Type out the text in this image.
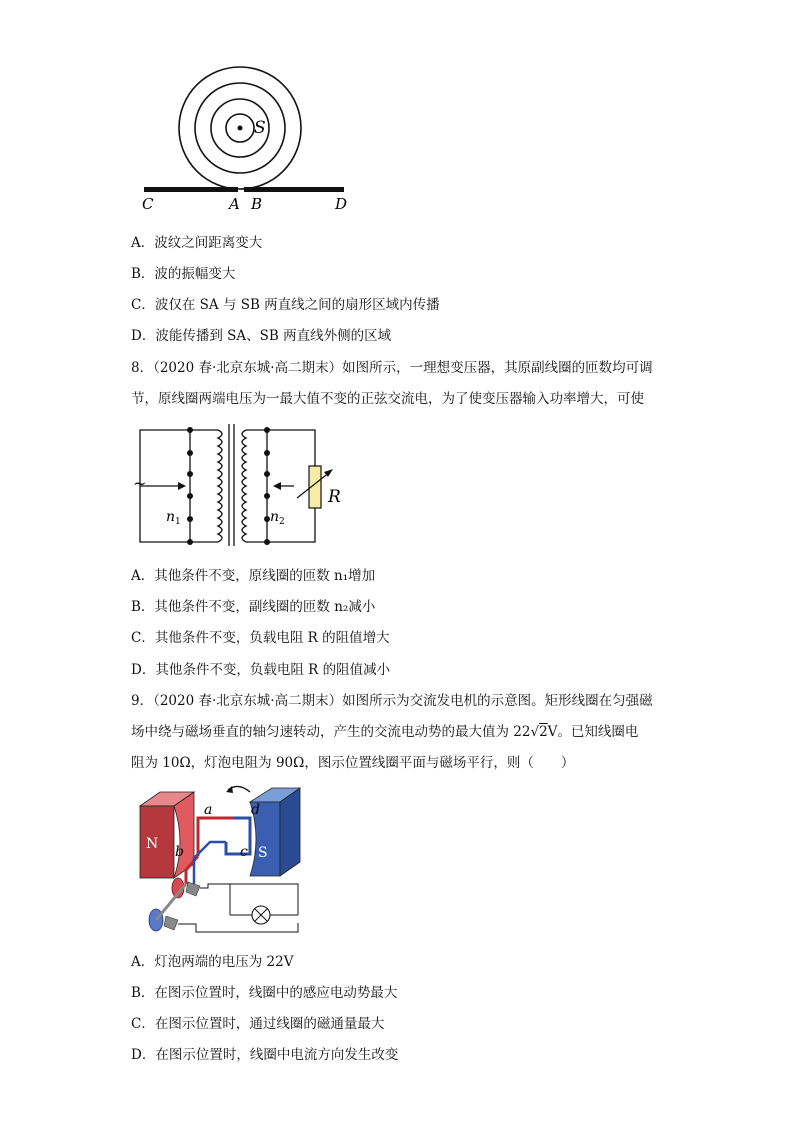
S
C	A B	D
A．波纹之间距离变大
B．波的振幅变大
C．波仅在 SA 与 SB 两直线之间的扇形区域内传播
D．波能传播到 SA、SB 两直线外侧的区域
8．（2020 春·北京东城·高二期末）如图所示，一理想变压器，其原副线圈的匝数均可调
节，原线圈两端电压为一最大值不变的正弦交流电，为了使变压器输入功率增大，可使
~
$n_1$	$n_2$
R
A．其他条件不变，原线圈的匝数 n₁增加
B．其他条件不变，副线圈的匝数 n₂减小
C．其他条件不变，负载电阻 R 的阻值增大
D．其他条件不变，负载电阻 R 的阻值减小
9．（2020 春·北京东城·高二期末）如图所示为交流发电机的示意图。矩形线圈在匀强磁
场中绕与磁场垂直的轴匀速转动，产生的交流电动势的最大值为 22√2V。已知线圈电
阻为 10Ω，灯泡电阻为 90Ω，图示位置线圈平面与磁场平行，则（　　）
N
S
a
b	c
d
A．灯泡两端的电压为 22V
B．在图示位置时，线圈中的感应电动势最大
C．在图示位置时，通过线圈的磁通量最大
D．在图示位置时，线圈中电流方向发生改变
